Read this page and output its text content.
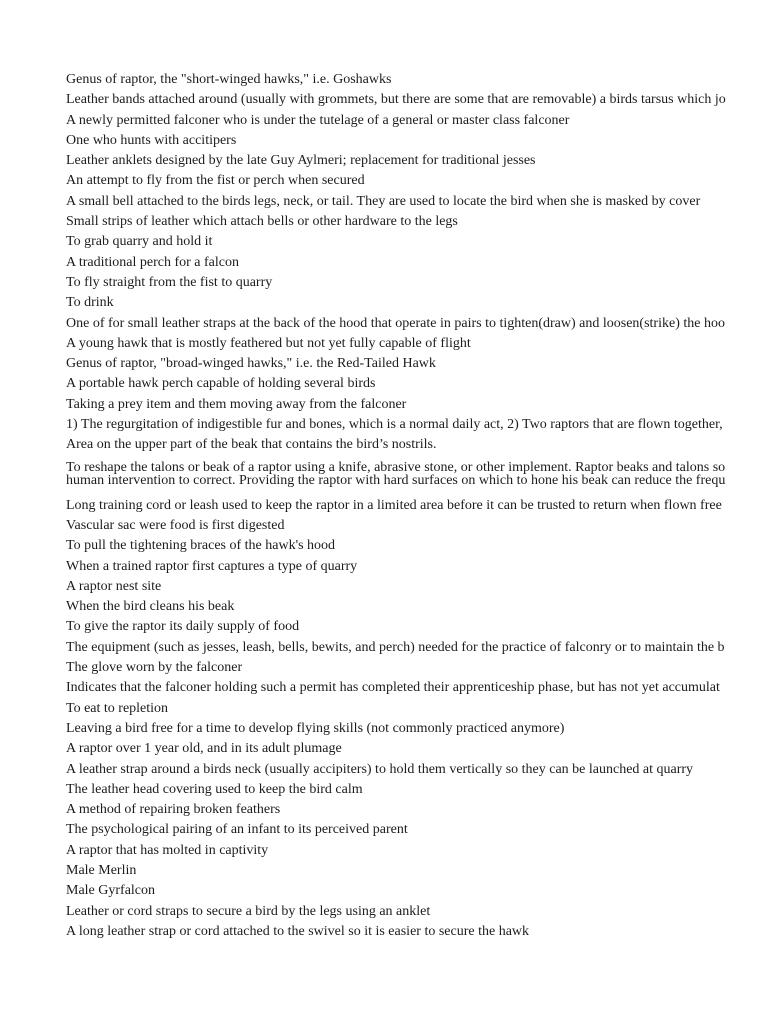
Genus of raptor, the "short-winged hawks," i.e. Goshawks
Leather bands attached around (usually with grommets, but there are some that are removable) a birds tarsus which jo
A newly permitted falconer who is under the tutelage of a general or master class falconer
One who hunts with accitipers
Leather anklets designed by the late Guy Aylmeri; replacement for traditional jesses
An attempt to fly from the fist or perch when secured
A small bell attached to the birds legs, neck, or tail. They are used to locate the bird when she is masked by cover
Small strips of leather which attach bells or other hardware to the legs
To grab quarry and hold it
A traditional perch for a falcon
To fly straight from the fist to quarry
To drink
One of for small leather straps at the back of the hood that operate in pairs to tighten(draw) and loosen(strike) the hoo
A young hawk that is mostly feathered but not yet fully capable of flight
Genus of raptor, "broad-winged hawks," i.e. the Red-Tailed Hawk
A portable hawk perch capable of holding several birds
Taking a prey item and them moving away from the falconer
1) The regurgitation of indigestible fur and bones, which is a normal daily act, 2) Two raptors that are flown together,
Area on the upper part of the beak that contains the bird’s nostrils.
To reshape the talons or beak of a raptor using a knife, abrasive stone, or other implement. Raptor beaks and talons so
human intervention to correct. Providing the raptor with hard surfaces on which to hone his beak can reduce the frequ
Long training cord or leash used to keep the raptor in a limited area before it can be trusted to return when flown free
Vascular sac were food is first digested
To pull the tightening braces of the hawk's hood
When a trained raptor first captures a type of quarry
A raptor nest site
When the bird cleans his beak
To give the raptor its daily supply of food
The equipment (such as jesses, leash, bells, bewits, and perch) needed for the practice of falconry or to maintain the b
The glove worn by the falconer
Indicates that the falconer holding such a permit has completed their apprenticeship phase, but has not yet accumulat
To eat to repletion
Leaving a bird free for a time to develop flying skills (not commonly practiced anymore)
A raptor over 1 year old, and in its adult plumage
A leather strap around a birds neck (usually accipiters) to hold them vertically so they can be launched at quarry
The leather head covering used to keep the bird calm
A method of repairing broken feathers
The psychological pairing of an infant to its perceived parent
A raptor that has molted in captivity
Male Merlin
Male Gyrfalcon
Leather or cord straps to secure a bird by the legs using an anklet
A long leather strap or cord attached to the swivel so it is easier to secure the hawk
